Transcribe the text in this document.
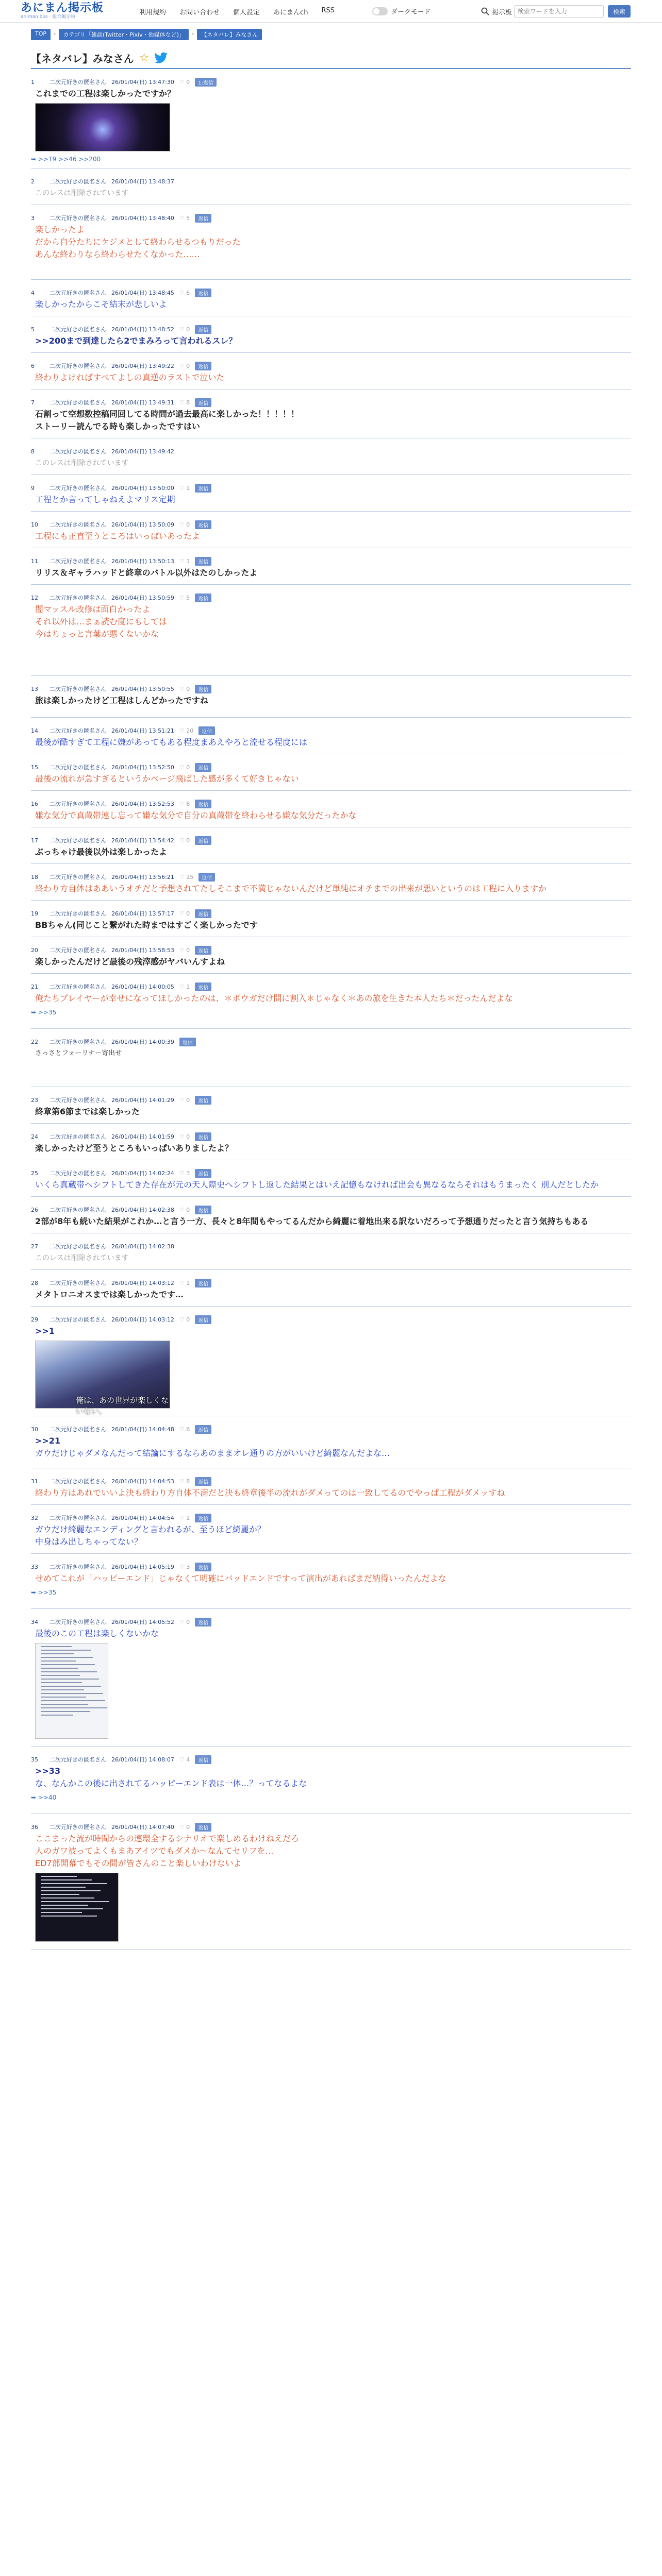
あにまん掲示板
animan bbs · 総合掲示板
利用規約 お問い合わせ 個人設定 あにまんch RSS	ダークモード	掲示板
検索ワードを入力	検索
TOP	›	カテゴリ「雑談(Twitter・Pixiv・他媒体など)」	›	【ネタバレ】みなさん
【ネタバレ】みなさん ☆
1	二次元好きの匿名さん 26/01/04(日) 13:47:30 ♡ 0	1:返信
これまでの工程は楽しかったですか？
➥ >>19 >>46 >>200
2	二次元好きの匿名さん 26/01/04(日) 13:48:37
このレスは削除されています
3	二次元好きの匿名さん 26/01/04(日) 13:48:40 ♡ 5	返信
楽しかったよ
だから自分たちにケジメとして終わらせるつもりだった
あんな終わりなら終わらせたくなかった……
4	二次元好きの匿名さん 26/01/04(日) 13:48:45 ♡ 6	返信
楽しかったからこそ結末が悲しいよ
5	二次元好きの匿名さん 26/01/04(日) 13:48:52 ♡ 0	返信
>>200まで到達したら2でまみろって言われるスレ？
6	二次元好きの匿名さん 26/01/04(日) 13:49:22 ♡ 0	返信
終わりよければすべてよしの真逆のラストで泣いた
7	二次元好きの匿名さん 26/01/04(日) 13:49:31 ♡ 8	返信
石割って空想数控稿同回してる時間が過去最高に楽しかった！！！！！
ストーリー読んでる時も楽しかったですはい
8	二次元好きの匿名さん 26/01/04(日) 13:49:42
このレスは削除されています
9	二次元好きの匿名さん 26/01/04(日) 13:50:00 ♡ 1	返信
工程とか言ってしゃねえよマリス定期
10	二次元好きの匿名さん 26/01/04(日) 13:50:09 ♡ 0	返信
工程にも正直至うところはいっぱいあったよ
11	二次元好きの匿名さん 26/01/04(日) 13:50:13 ♡ 1	返信
リリス＆ギャラハッドと終章のバトル以外はたのしかったよ
12	二次元好きの匿名さん 26/01/04(日) 13:50:59 ♡ 5	返信
闇マッスル改修は面白かったよ
それ以外は…まぁ読む度にもしては
今はちょっと言葉が悪くないかな
13	二次元好きの匿名さん 26/01/04(日) 13:50:55 ♡ 0	返信
旅は楽しかったけど工程はしんどかったですね
14	二次元好きの匿名さん 26/01/04(日) 13:51:21 ♡ 20	返信
最後が酷すぎて工程に嫌があってもある程度まあえやろと流せる程度には
15	二次元好きの匿名さん 26/01/04(日) 13:52:50 ♡ 0	返信
最後の流れが急すぎるというかページ飛ばした感が多くて好きじゃない
16	二次元好きの匿名さん 26/01/04(日) 13:52:53 ♡ 6	返信
嫌な気分で真蔵帯連し忘って嫌な気分で自分の真蔵帯を終わらせる嫌な気分だったかな
17	二次元好きの匿名さん 26/01/04(日) 13:54:42 ♡ 0	返信
ぶっちゃけ最後以外は楽しかったよ
18	二次元好きの匿名さん 26/01/04(日) 13:56:21 ♡ 15	返信
終わり方自体はああいうオチだと予想されてたしそこまで不満じゃないんだけど単純にオチまでの出来が悪いというのは工程に入りますか
19	二次元好きの匿名さん 26/01/04(日) 13:57:17 ♡ 0	返信
BBちゃん(同じこと繋がれた時まではすごく楽しかったです
20	二次元好きの匿名さん 26/01/04(日) 13:58:53 ♡ 0	返信
楽しかったんだけど最後の残滓感がヤバいんすよね
21	二次元好きの匿名さん 26/01/04(日) 14:00:05 ♡ 1	返信
俺たちプレイヤーが幸せになってほしかったのは、＊ボウガだけ間に割入＊じゃなく＊あの旅を生きた本人たち＊だったんだよな
➥ >>35
22	二次元好きの匿名さん 26/01/04(日) 14:00:39	返信
さっさとフォーリナー寄出せ
23	二次元好きの匿名さん 26/01/04(日) 14:01:29 ♡ 0	返信
終章第6節までは楽しかった
24	二次元好きの匿名さん 26/01/04(日) 14:01:59 ♡ 0	返信
楽しかったけど至うところもいっぱいありましたよ？
25	二次元好きの匿名さん 26/01/04(日) 14:02:24 ♡ 3	返信
いくら真蔵帯ヘシフトしてきた存在が元の天人際史ヘシフトし返した結果とはいえ記憶もなければ出会も異なるならそれはもうまったく 別人だとしたか
26	二次元好きの匿名さん 26/01/04(日) 14:02:38 ♡ 0	返信
2部が8年も続いた結果がこれか…と言う一方、長々と8年間もやってるんだから綺麗に着地出来る訳ないだろって予想通りだったと言う気持ちもある
27	二次元好きの匿名さん 26/01/04(日) 14:02:38
このレスは削除されています
28	二次元好きの匿名さん 26/01/04(日) 14:03:12 ♡ 1	返信
メタトロニオスまでは楽しかったです…
29	二次元好きの匿名さん 26/01/04(日) 14:03:12 ♡ 0	返信
>>1
俺は、あの世界が楽しくないない。
30	二次元好きの匿名さん 26/01/04(日) 14:04:48 ♡ 6	返信
>>21
ガウだけじゃダメなんだって結論にするならあのままオレ通りの方がいいけど綺麗なんだよな…
31	二次元好きの匿名さん 26/01/04(日) 14:04:53 ♡ 8	返信
終わり方はあれでいいよ決も終わり方自体不満だと決も終章後半の流れがダメってのは一致してるのでやっぱ工程がダメッすね
32	二次元好きの匿名さん 26/01/04(日) 14:04:54 ♡ 1	返信
ガウだけ綺麗なエンディングと言われるが、至うほど綺麗か？
中身はみ出しちゃってない？
33	二次元好きの匿名さん 26/01/04(日) 14:05:19 ♡ 3	返信
せめてこれが「ハッピーエンド」じゃなくて明確にバッドエンドですって演出があればまだ納得いったんだよな
➥ >>35
34	二次元好きの匿名さん 26/01/04(日) 14:05:52 ♡ 0	返信
最後のこの工程は楽しくないかな
35	二次元好きの匿名さん 26/01/04(日) 14:08:07 ♡ 4	返信
>>33
な、なんかこの後に出されてるハッピーエンド表は一体…？ってなるよな
➥ >>40
36	二次元好きの匿名さん 26/01/04(日) 14:07:40 ♡ 0	返信
ここまった流が時間からの連環全するシナリオで楽しめるわけねえだろ
人のガワ被ってよくもまあアイツでもダメか〜なんてセリフを…
ED7部開幕でもその間が皆さんのこと楽しいわけないよ
